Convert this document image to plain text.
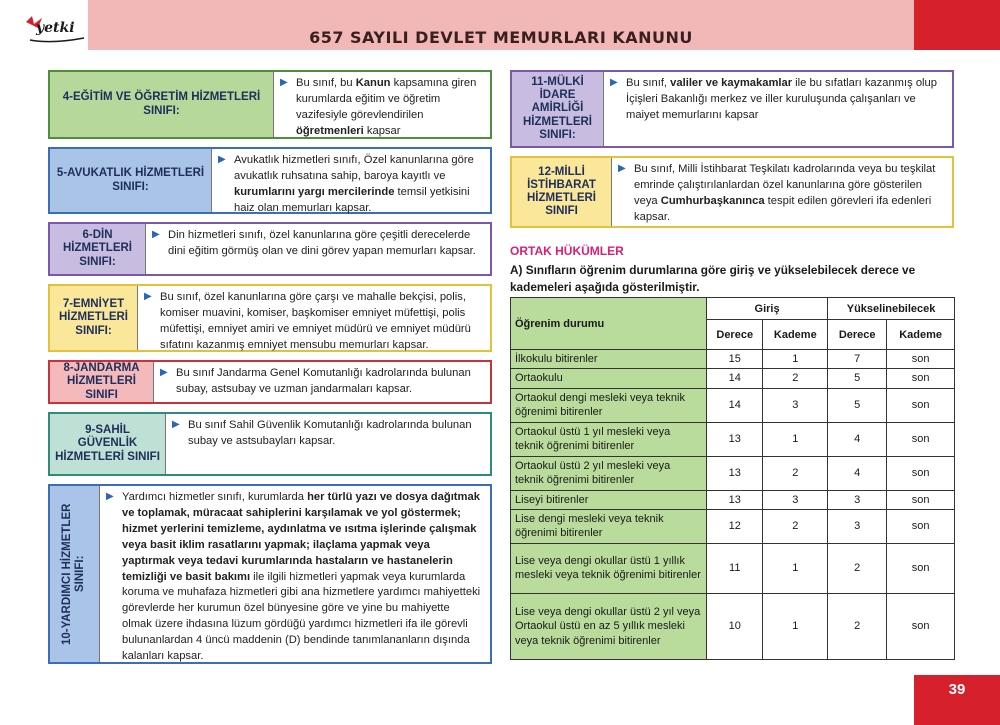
yetki	657 SAYILI DEVLET MEMURLARI KANUNU
4-EĞİTİM VE ÖĞRETİM HİZMETLERİ SINIFI:
▶ Bu sınıf, bu Kanun kapsamına giren kurumlarda eğitim ve öğretim vazifesiyle görevlendirilen öğretmenleri kapsar
5-AVUKATLIK HİZMETLERİ SINIFI:
▶ Avukatlık hizmetleri sınıfı, Özel kanunlarına göre avukatlık ruhsatına sahip, baroya kayıtlı ve kurumlarını yargı mercilerinde temsil yetkisini haiz olan memurları kapsar.
6-DİN HİZMETLERİ SINIFI:
▶ Din hizmetleri sınıfı, özel kanunlarına göre çeşitli derecelerde dini eğitim görmüş olan ve dini görev yapan memurları kapsar.
7-EMNİYET HİZMETLERİ SINIFI:
▶ Bu sınıf, özel kanunlarına göre çarşı ve mahalle bekçisi, polis, komiser muavini, komiser, başkomiser emniyet müfettişi, polis müfettişi, emniyet amiri ve emniyet müdürü ve emniyet müdürü sıfatını kazanmış emniyet mensubu memurları kapsar.
8-JANDARMA HİZMETLERİ SINIFI
▶ Bu sınıf Jandarma Genel Komutanlığı kadrolarında bulunan subay, astsubay ve uzman jandarmaları kapsar.
9-SAHİL GÜVENLİK HİZMETLERİ SINIFI
▶ Bu sınıf Sahil Güvenlik Komutanlığı kadrolarında bulunan subay ve astsubayları kapsar.
10-YARDIMCI HİZMETLER SINIFI:
▶ Yardımcı hizmetler sınıfı, kurumlarda her türlü yazı ve dosya dağıtmak ve toplamak, müracaat sahiplerini karşılamak ve yol göstermek; hizmet yerlerini temizleme, aydınlatma ve ısıtma işlerinde çalışmak veya basit iklim rasatlarını yapmak; ilaçlama yapmak veya yaptırmak veya tedavi kurumlarında hastaların ve hastanelerin temizliği ve basit bakımı ile ilgili hizmetleri yapmak veya kurumlarda koruma ve muhafaza hizmetleri gibi ana hizmetlere yardımcı mahiyetteki görevlerde her kurumun özel bünyesine göre ve yine bu mahiyette olmak üzere ihdasına lüzum gördüğü yardımcı hizmetleri ifa ile görevli bulunanlardan 4 üncü maddenin (D) bendinde tanımlananların dışında kalanları kapsar.
11-MÜLKİ İDARE AMİRLİĞİ HİZMETLERİ SINIFI:
▶ Bu sınıf, valiler ve kaymakamlar ile bu sıfatları kazanmış olup İçişleri Bakanlığı merkez ve iller kuruluşunda çalışanları ve maiyet memurlarını kapsar
12-MİLLİ İSTİHBARAT HİZMETLERİ SINIFI
▶ Bu sınıf, Milli İstihbarat Teşkilatı kadrolarında veya bu teşkilat emrinde çalıştırılanlardan özel kanunlarına göre gösterilen veya Cumhurbaşkanınca tespit edilen görevleri ifa edenleri kapsar.
ORTAK HÜKÜMLER
A) Sınıfların öğrenim durumlarına göre giriş ve yükselebilecek derece ve kademeleri aşağıda gösterilmiştir.
Öğrenim durumu	Giriş		Yükselinebilecek	
	Derece	Kademe	Derece	Kademe
İlkokulu bitirenler	15	1	7	son
Ortaokulu	14	2	5	son
Ortaokul dengi mesleki veya teknik öğrenimi bitirenler	14	3	5	son
Ortaokul üstü 1 yıl mesleki veya teknik öğrenimi bitirenler	13	1	4	son
Ortaokul üstü 2 yıl mesleki veya teknik öğrenimi bitirenler	13	2	4	son
Liseyi bitirenler	13	3	3	son
Lise dengi mesleki veya teknik öğrenimi bitirenler	12	2	3	son
Lise veya dengi okullar üstü 1 yıllık mesleki veya teknik öğrenimi bitirenler	11	1	2	son
Lise veya dengi okullar üstü 2 yıl veya Ortaokul üstü en az 5 yıllık mesleki veya teknik öğrenimi bitirenler	10	1	2	son
39
